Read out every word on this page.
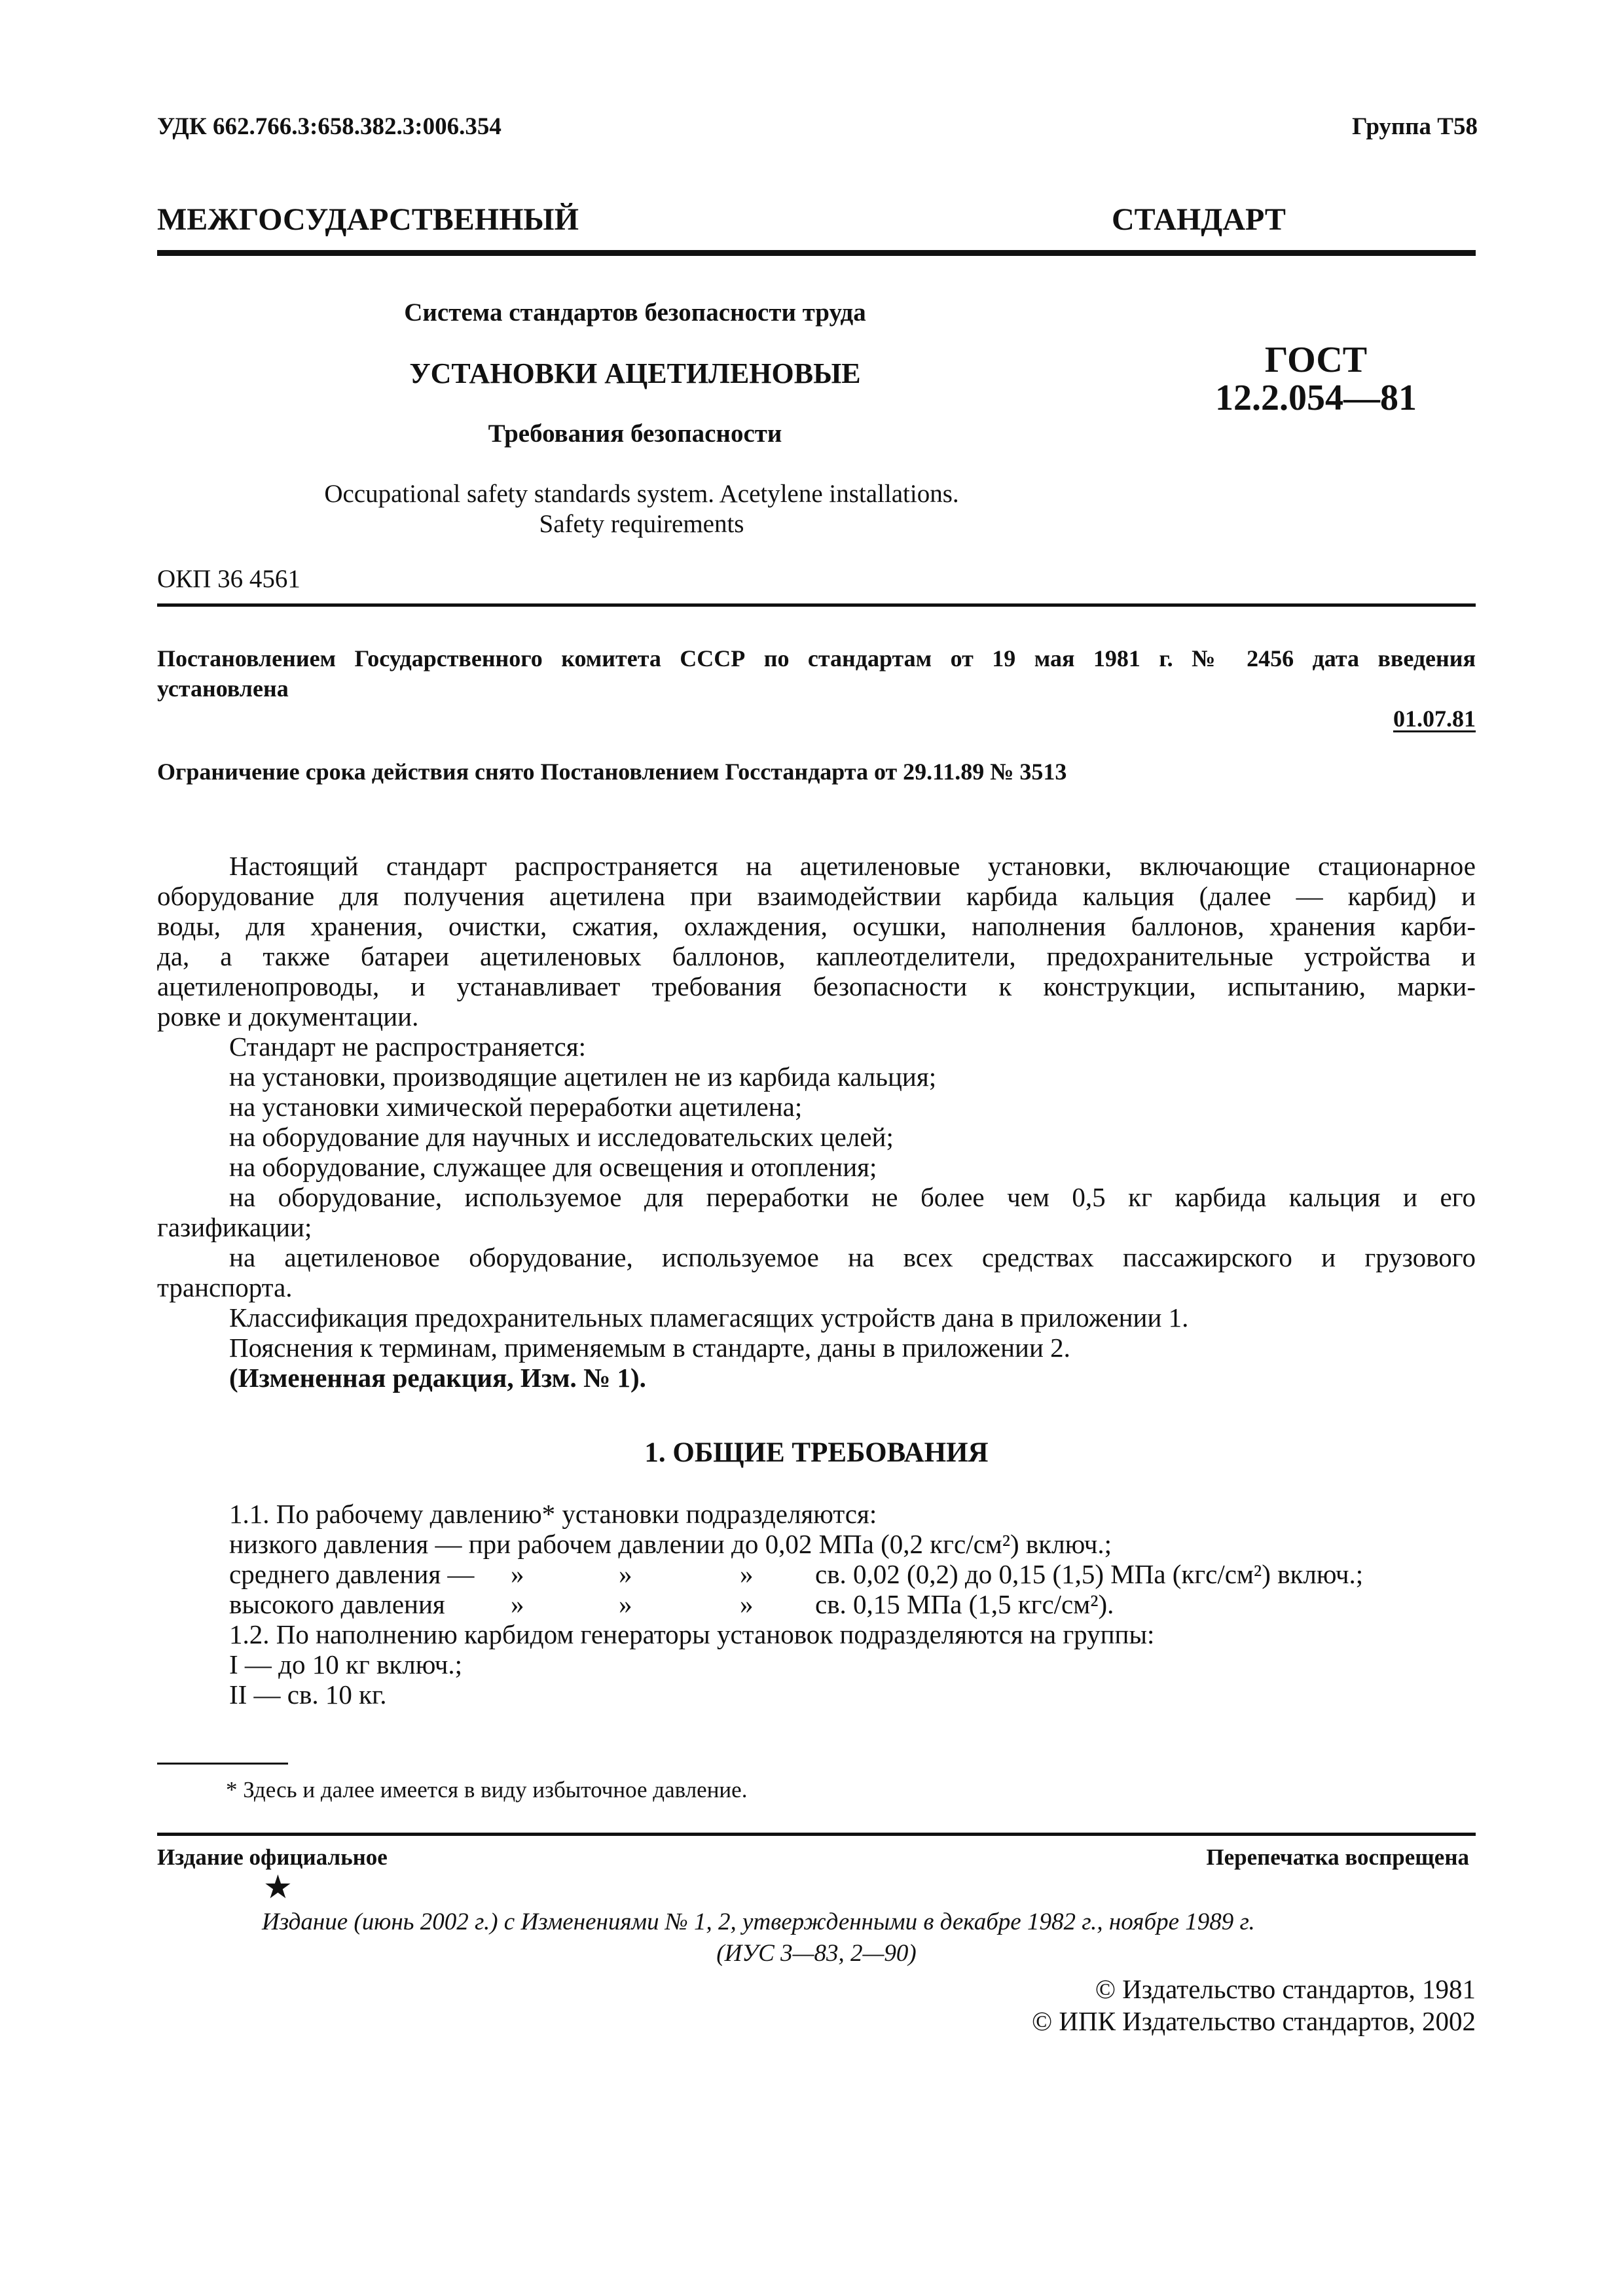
УДК 662.766.3:658.382.3:006.354	Группа Т58
МЕЖГОСУДАРСТВЕННЫЙ	СТАНДАРТ
Система стандартов безопасности труда
УСТАНОВКИ АЦЕТИЛЕНОВЫЕ
Требования безопасности
Occupational safety standards system. Acetylene installations.
Safety requirements
ГОСТ
12.2.054—81
ОКП 36 4561
Постановлением Государственного комитета СССР по стандартам от 19 мая 1981 г. № 2456 дата введения
установлена
01.07.81
Ограничение срока действия снято Постановлением Госстандарта от 29.11.89 № 3513
Настоящий стандарт распространяется на ацетиленовые установки, включающие стационарное
оборудование для получения ацетилена при взаимодействии карбида кальция (далее — карбид) и
воды, для хранения, очистки, сжатия, охлаждения, осушки, наполнения баллонов, хранения карби-
да, а также батареи ацетиленовых баллонов, каплеотделители, предохранительные устройства и
ацетиленопроводы, и устанавливает требования безопасности к конструкции, испытанию, марки-
ровке и документации.
Стандарт не распространяется:
на установки, производящие ацетилен не из карбида кальция;
на установки химической переработки ацетилена;
на оборудование для научных и исследовательских целей;
на оборудование, служащее для освещения и отопления;
на оборудование, используемое для переработки не более чем 0,5 кг карбида кальция и его
газификации;
на ацетиленовое оборудование, используемое на всех средствах пассажирского и грузового
транспорта.
Классификация предохранительных пламегасящих устройств дана в приложении 1.
Пояснения к терминам, применяемым в стандарте, даны в приложении 2.
(Измененная редакция, Изм. № 1).
1. ОБЩИЕ ТРЕБОВАНИЯ
1.1. По рабочему давлению* установки подразделяются:
низкого давления — при рабочем давлении до 0,02 МПа (0,2 кгс/см²) включ.;
среднего давления — »	»	» св. 0,02 (0,2) до 0,15 (1,5) МПа (кгс/см²) включ.;
высокого давления »	»	» св. 0,15 МПа (1,5 кгс/см²).
1.2. По наполнению карбидом генераторы установок подразделяются на группы:
I — до 10 кг включ.;
II — св. 10 кг.
* Здесь и далее имеется в виду избыточное давление.
Издание официальное	Перепечатка воспрещена
★
Издание (июнь 2002 г.) с Изменениями № 1, 2, утвержденными в декабре 1982 г., ноябре 1989 г.
(ИУС 3—83, 2—90)
© Издательство стандартов, 1981
© ИПК Издательство стандартов, 2002
